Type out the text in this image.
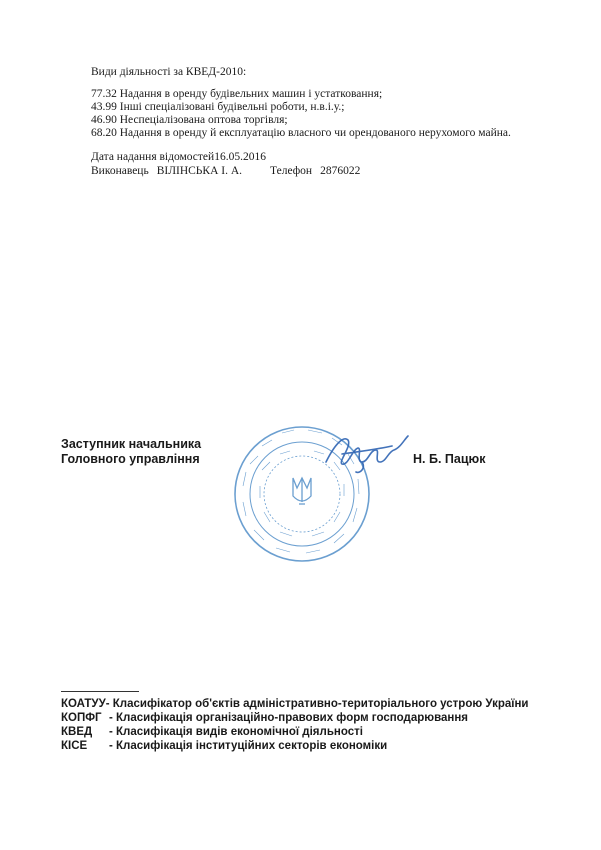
Види діяльності за КВЕД-2010:
77.32 Надання в оренду будівельних машин і устатковання;
43.99 Інші спеціалізовані будівельні роботи, н.в.і.у.;
46.90 Неспеціалізована оптова торгівля;
68.20 Надання в оренду й експлуатацію власного чи орендованого нерухомого майна.
Дата надання відомостей16.05.2016
Виконавець ВІЛІНСЬКА І. А. Телефон 2876022
Заступник начальника
Головного управління	Н. Б. Пацюк
КОАТУУ- Класифікатор об'єктів адміністративно-територіального устрою України
КОПФГ - Класифікація організаційно-правових форм господарювання
КВЕД - Класифікація видів економічної діяльності
КІСЕ - Класифікація інституційних секторів економіки
